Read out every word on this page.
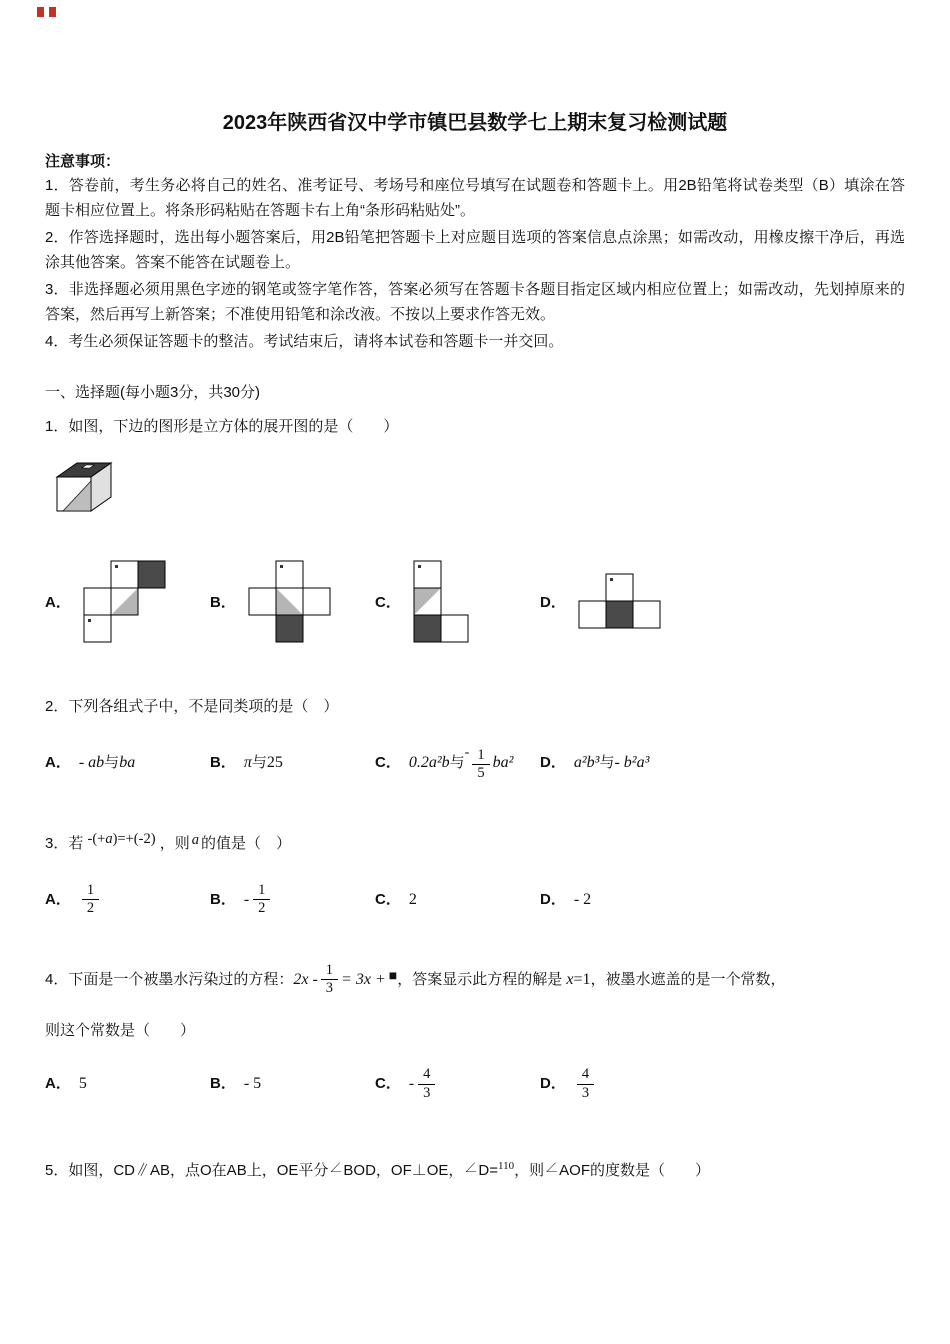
2023年陕西省汉中学市镇巴县数学七上期末复习检测试题

注意事项：

1．答卷前，考生务必将自己的姓名、准考证号、考场号和座位号填写在试题卷和答题卡上。用2B铅笔将试卷类型（B）填涂在答题卡相应位置上。将条形码粘贴在答题卡右上角“条形码粘贴处”。

2．作答选择题时，选出每小题答案后，用2B铅笔把答题卡上对应题目选项的答案信息点涂黑；如需改动，用橡皮擦干净后，再选涂其他答案。答案不能答在试题卷上。

3．非选择题必须用黑色字迹的钢笔或签字笔作答，答案必须写在答题卡各题目指定区域内相应位置上；如需改动，先划掉原来的答案，然后再写上新答案；不准使用铅笔和涂改液。不按以上要求作答无效。

4．考生必须保证答题卡的整洁。考试结束后，请将本试卷和答题卡一并交回。

一、选择题(每小题3分，共30分)

1．如图，下边的图形是立方体的展开图的是（　　）

A．	B．	C．	D．

2．下列各组式子中，不是同类项的是（　）

A． - ab与ba	B． π与25	C． 0.2a²b与- $\frac{1}{5} ba^2$	D． a²b³与- b²a³

3．若 -(+a)=+(-2) ，则 a 的值是（　）

A． $\frac{1}{2}$	B． - $\frac{1}{2}$	C． 2	D． - 2

4．下面是一个被墨水污染过的方程：$2x - \frac{1}{3} = 3x$ + ■，答案显示此方程的解是 x=1，被墨水遮盖的是一个常数，

则这个常数是（　　）

A． 5	B． - 5	C． - $\frac{4}{3}$	D． $\frac{4}{3}$

5．如图，CD∥AB，点O在AB上，OE平分∠BOD，OF⊥OE，∠D=$^{110}$，则∠AOF的度数是（　　）
